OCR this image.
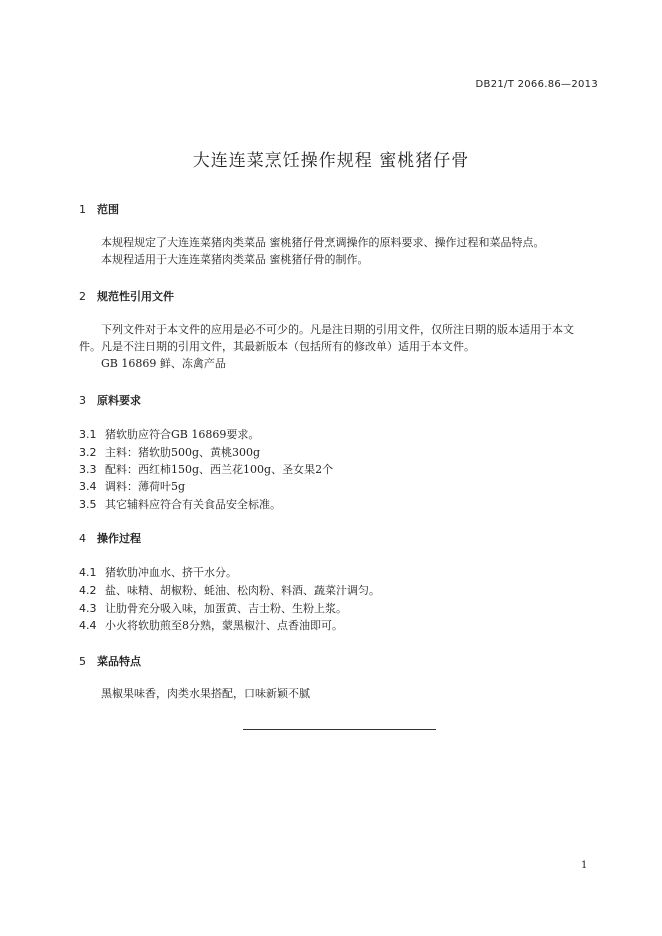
DB21/T 2066.86—2013
大连连菜烹饪操作规程 蜜桃猪仔骨
1 范围
本规程规定了大连连菜猪肉类菜品 蜜桃猪仔骨烹调操作的原料要求、操作过程和菜品特点。
本规程适用于大连连菜猪肉类菜品 蜜桃猪仔骨的制作。
2 规范性引用文件
下列文件对于本文件的应用是必不可少的。凡是注日期的引用文件，仅所注日期的版本适用于本文
件。凡是不注日期的引用文件，其最新版本（包括所有的修改单）适用于本文件。
GB 16869 鲜、冻禽产品
3 原料要求
3.1 猪软肋应符合GB 16869要求。
3.2 主料：猪软肋500g、黄桃300g
3.3 配料：西红柿150g、西兰花100g、圣女果2个
3.4 调料：薄荷叶5g
3.5 其它辅料应符合有关食品安全标准。
4 操作过程
4.1 猪软肋冲血水、挤干水分。
4.2 盐、味精、胡椒粉、蚝油、松肉粉、料酒、蔬菜汁调匀。
4.3 让肋骨充分吸入味，加蛋黄、吉士粉、生粉上浆。
4.4 小火将软肋煎至8分熟，蒙黑椒汁、点香油即可。
5 菜品特点
黑椒果味香，肉类水果搭配，口味新颖不腻
1
